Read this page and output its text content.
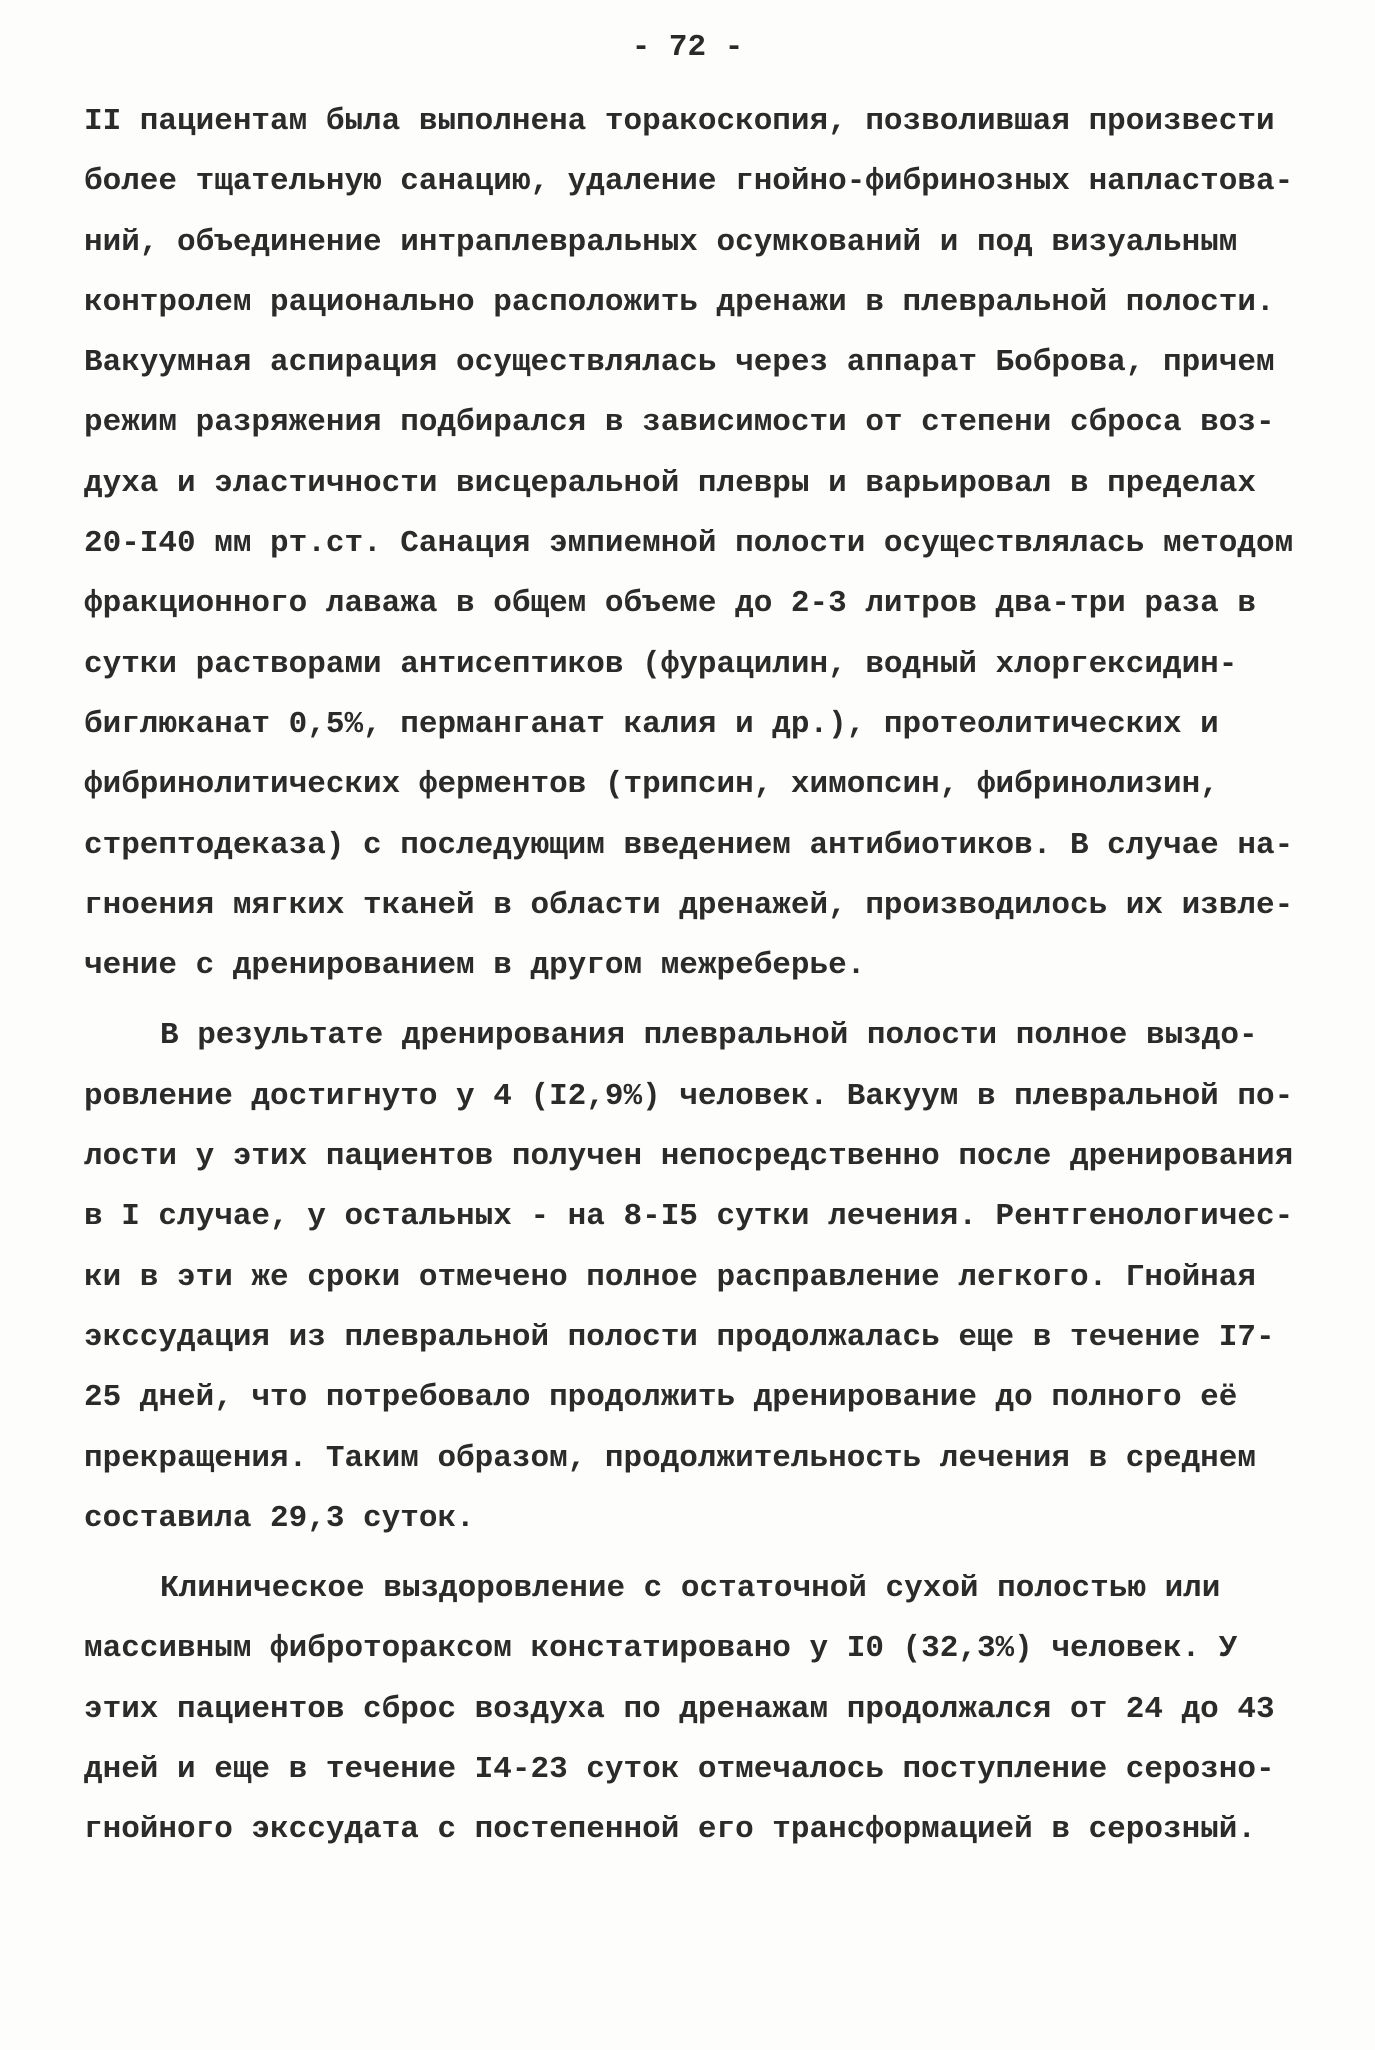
- 72 -
II пациентам была выполнена торакоскопия, позволившая произвести
более тщательную санацию, удаление гнойно-фибринозных напластова-
ний, объединение интраплевральных осумкований и под визуальным
контролем рационально расположить дренажи в плевральной полости.
Вакуумная аспирация осуществлялась через аппарат Боброва, причем
режим разряжения подбирался в зависимости от степени сброса воз-
духа и эластичности висцеральной плевры и варьировал в пределах
20-I40 мм рт.ст. Санация эмпиемной полости осуществлялась методом
фракционного лаважа в общем объеме до 2-3 литров два-три раза в
сутки растворами антисептиков (фурацилин, водный хлоргексидин-
биглюканат 0,5%, перманганат калия и др.), протеолитических и
фибринолитических ферментов (трипсин, химопсин, фибринолизин,
стрептодеказа) с последующим введением антибиотиков. В случае на-
гноения мягких тканей в области дренажей, производилось их извле-
чение с дренированием в другом межреберье.
В результате дренирования плевральной полости полное выздо-
ровление достигнуто у 4 (I2,9%) человек. Вакуум в плевральной по-
лости у этих пациентов получен непосредственно после дренирования
в I случае, у остальных - на 8-I5 сутки лечения. Рентгенологичес-
ки в эти же сроки отмечено полное расправление легкого. Гнойная
экссудация из плевральной полости продолжалась еще в течение I7-
25 дней, что потребовало продолжить дренирование до полного её
прекращения. Таким образом, продолжительность лечения в среднем
составила 29,3 суток.
Клиническое выздоровление с остаточной сухой полостью или
массивным фибротораксом констатировано у I0 (32,3%) человек. У
этих пациентов сброс воздуха по дренажам продолжался от 24 до 43
дней и еще в течение I4-23 суток отмечалось поступление серозно-
гнойного экссудата с постепенной его трансформацией в серозный.
